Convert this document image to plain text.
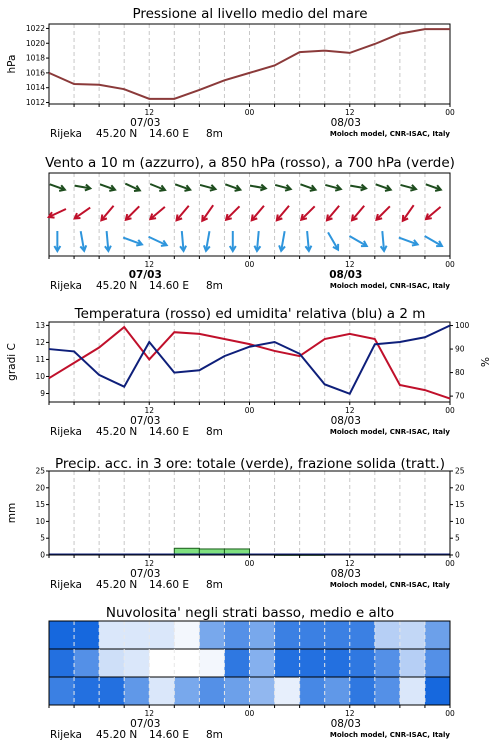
Pressione al livello medio del mare
1012
1014
1016
1018
1020
1022
hPa
12	00	12	00
07/03	08/03
Rijeka 45.20 N 14.60 E 8m	Moloch model, CNR-ISAC, Italy
Vento a 10 m (azzurro), a 850 hPa (rosso), a 700 hPa (verde)
12	00	12	00
07/03	08/03
Rijeka 45.20 N 14.60 E 8m	Moloch model, CNR-ISAC, Italy
Temperatura (rosso) ed umidita' relativa (blu) a 2 m
9
10
11
12
13
70
80
90
100
gradi C	%
12	00	12	00
07/03	08/03
Rijeka 45.20 N 14.60 E 8m	Moloch model, CNR-ISAC, Italy
Precip. acc. in 3 ore: totale (verde), frazione solida (tratt.)
0	0
5	5
10	10
15	15
20	20
25	25
mm
12	00	12	00
07/03	08/03
Rijeka 45.20 N 14.60 E 8m	Moloch model, CNR-ISAC, Italy
Nuvolosita' negli strati basso, medio e alto
12	00	12	00
07/03	08/03
Rijeka 45.20 N 14.60 E 8m	Moloch model, CNR-ISAC, Italy
